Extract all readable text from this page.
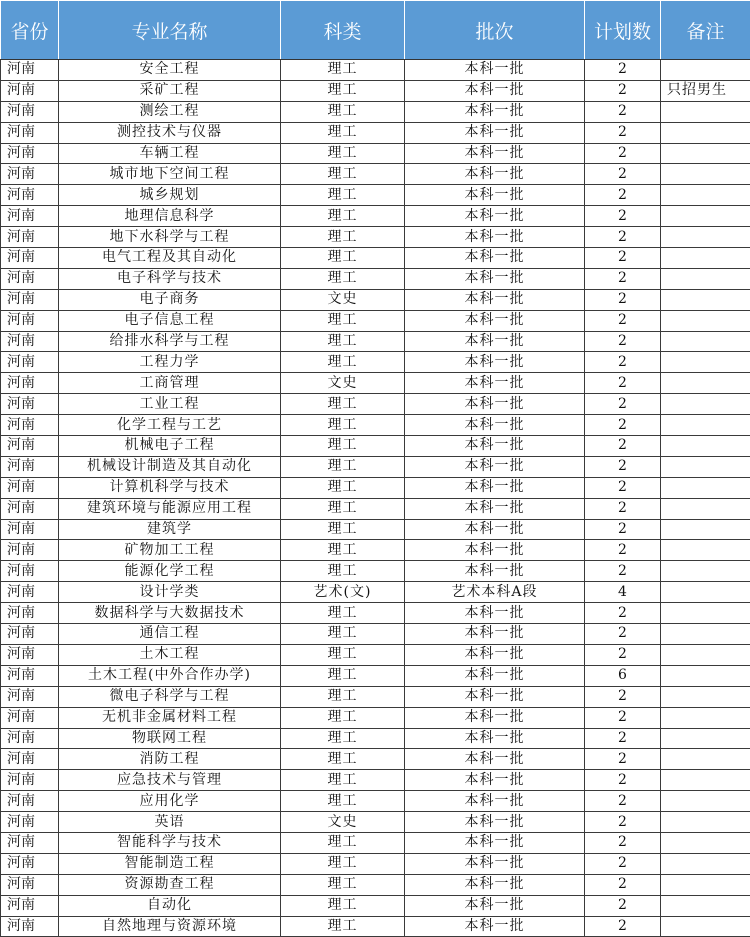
省份	专业名称	科类	批次	计划数	备注
河南	安全工程	理工	本科一批	2	
河南	采矿工程	理工	本科一批	2	只招男生
河南	测绘工程	理工	本科一批	2	
河南	测控技术与仪器	理工	本科一批	2	
河南	车辆工程	理工	本科一批	2	
河南	城市地下空间工程	理工	本科一批	2	
河南	城乡规划	理工	本科一批	2	
河南	地理信息科学	理工	本科一批	2	
河南	地下水科学与工程	理工	本科一批	2	
河南	电气工程及其自动化	理工	本科一批	2	
河南	电子科学与技术	理工	本科一批	2	
河南	电子商务	文史	本科一批	2	
河南	电子信息工程	理工	本科一批	2	
河南	给排水科学与工程	理工	本科一批	2	
河南	工程力学	理工	本科一批	2	
河南	工商管理	文史	本科一批	2	
河南	工业工程	理工	本科一批	2	
河南	化学工程与工艺	理工	本科一批	2	
河南	机械电子工程	理工	本科一批	2	
河南	机械设计制造及其自动化	理工	本科一批	2	
河南	计算机科学与技术	理工	本科一批	2	
河南	建筑环境与能源应用工程	理工	本科一批	2	
河南	建筑学	理工	本科一批	2	
河南	矿物加工工程	理工	本科一批	2	
河南	能源化学工程	理工	本科一批	2	
河南	设计学类	艺术(文)	艺术本科A段	4	
河南	数据科学与大数据技术	理工	本科一批	2	
河南	通信工程	理工	本科一批	2	
河南	土木工程	理工	本科一批	2	
河南	土木工程(中外合作办学)	理工	本科一批	6	
河南	微电子科学与工程	理工	本科一批	2	
河南	无机非金属材料工程	理工	本科一批	2	
河南	物联网工程	理工	本科一批	2	
河南	消防工程	理工	本科一批	2	
河南	应急技术与管理	理工	本科一批	2	
河南	应用化学	理工	本科一批	2	
河南	英语	文史	本科一批	2	
河南	智能科学与技术	理工	本科一批	2	
河南	智能制造工程	理工	本科一批	2	
河南	资源勘查工程	理工	本科一批	2	
河南	自动化	理工	本科一批	2	
河南	自然地理与资源环境	理工	本科一批	2	
